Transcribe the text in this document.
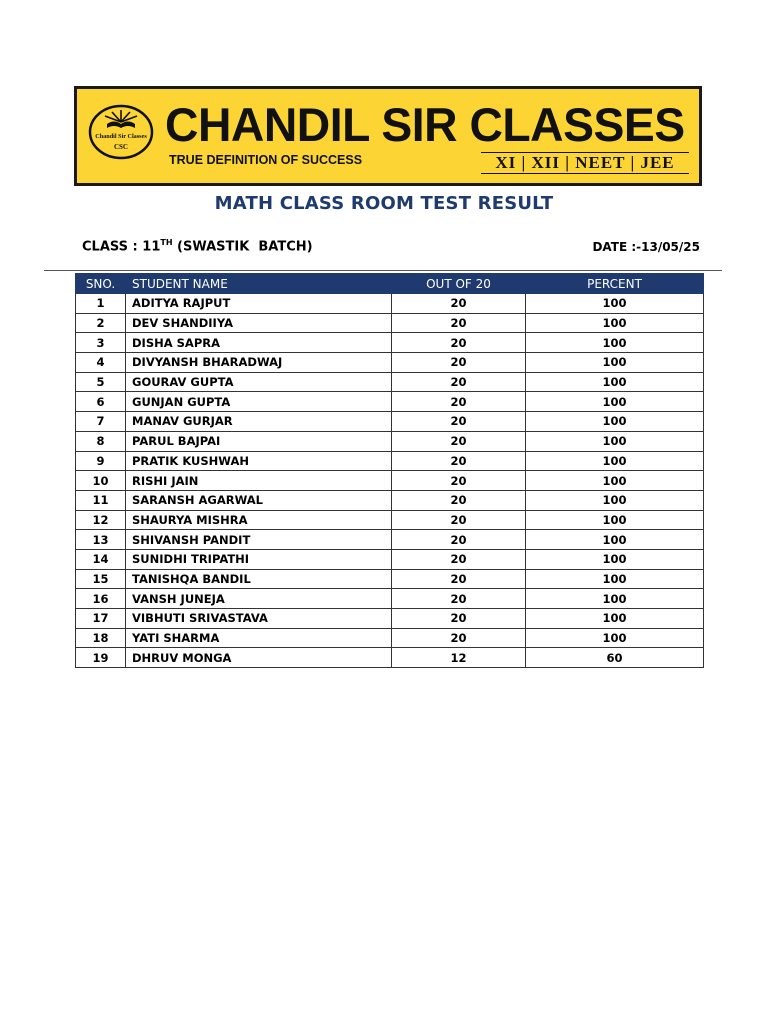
Chandil Sir Classes
CSC CHANDIL SIR CLASSES
TRUE DEFINITION OF SUCCESS	XI | XII | NEET | JEE
MATH CLASS ROOM TEST RESULT
CLASS : 11TH (SWASTIK  BATCH)	DATE :-13/05/25
SNO.	STUDENT NAME	OUT OF 20	PERCENT
1	ADITYA RAJPUT	20	100
2	DEV SHANDIIYA	20	100
3	DISHA SAPRA	20	100
4	DIVYANSH BHARADWAJ	20	100
5	GOURAV GUPTA	20	100
6	GUNJAN GUPTA	20	100
7	MANAV GURJAR	20	100
8	PARUL BAJPAI	20	100
9	PRATIK KUSHWAH	20	100
10	RISHI JAIN	20	100
11	SARANSH AGARWAL	20	100
12	SHAURYA MISHRA	20	100
13	SHIVANSH PANDIT	20	100
14	SUNIDHI TRIPATHI	20	100
15	TANISHQA BANDIL	20	100
16	VANSH JUNEJA	20	100
17	VIBHUTI SRIVASTAVA	20	100
18	YATI SHARMA	20	100
19	DHRUV MONGA	12	60
